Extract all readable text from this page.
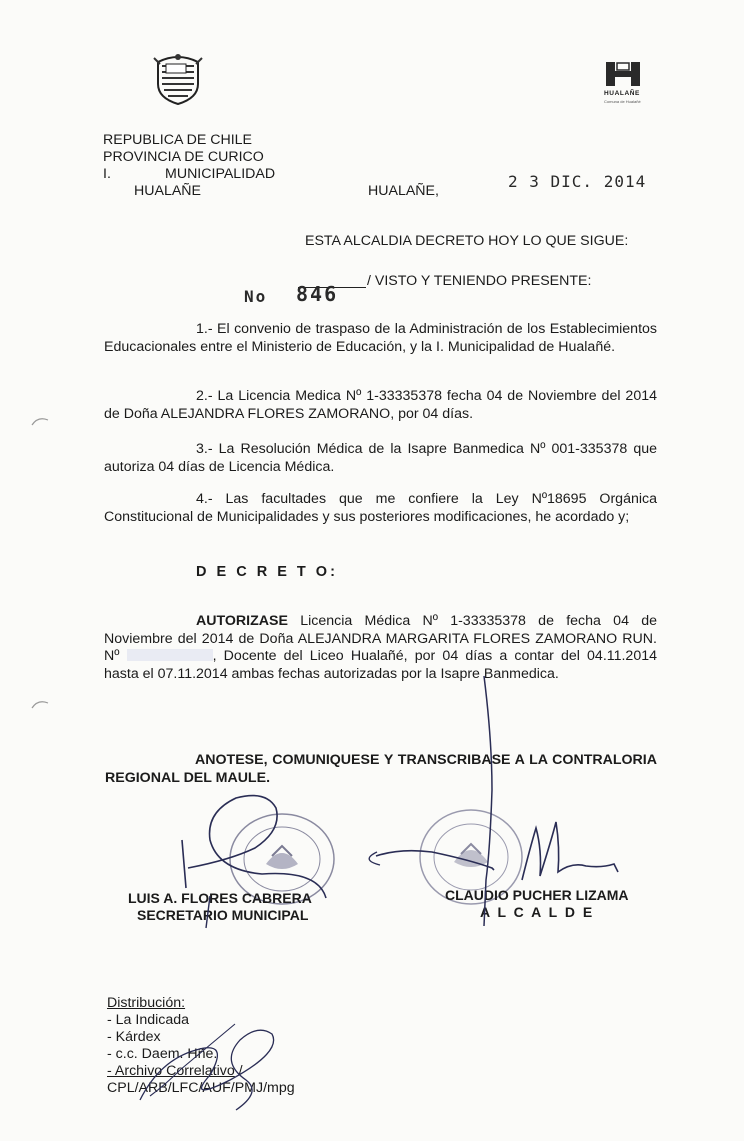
HUALAÑE
Comuna de Hualañé
REPUBLICA DE CHILE
PROVINCIA DE CURICO
I.	MUNICIPALIDAD
HUALAÑE	HUALAÑE,	2 3 DIC. 2014
ESTA ALCALDIA DECRETO HOY LO QUE SIGUE:
/ VISTO Y TENIENDO PRESENTE:
No 846
1.- El convenio de traspaso de la Administración de los Establecimientos Educacionales entre el Ministerio de Educación, y la I. Municipalidad de Hualañé.
2.- La Licencia Medica Nº 1-33335378 fecha 04 de Noviembre del 2014 de Doña ALEJANDRA FLORES ZAMORANO, por 04 días.
3.- La Resolución Médica de la Isapre Banmedica Nº 001-335378 que autoriza 04 días de Licencia Médica.
4.- Las facultades que me confiere la Ley Nº18695 Orgánica Constitucional de Municipalidades y sus posteriores modificaciones, he acordado y;
D E C R E T O:
AUTORIZASE Licencia Médica Nº 1-33335378 de fecha 04 de Noviembre del 2014 de Doña ALEJANDRA MARGARITA FLORES ZAMORANO RUN. Nº	, Docente del Liceo Hualañé, por 04 días a contar del 04.11.2014 hasta el 07.11.2014 ambas fechas autorizadas por la Isapre Banmedica.
ANOTESE, COMUNIQUESE Y TRANSCRIBASE A LA CONTRALORIA REGIONAL DEL MAULE.
LUIS A. FLORES CABRERA
SECRETARIO MUNICIPAL
CLAUDIO PUCHER LIZAMA
A L C A L D E
Distribución:
- La Indicada
- Kárdex
- c.c. Daem. Hñe.
- Archivo Correlativo /
CPL/ARB/LFC/AUF/PMJ/mpg
